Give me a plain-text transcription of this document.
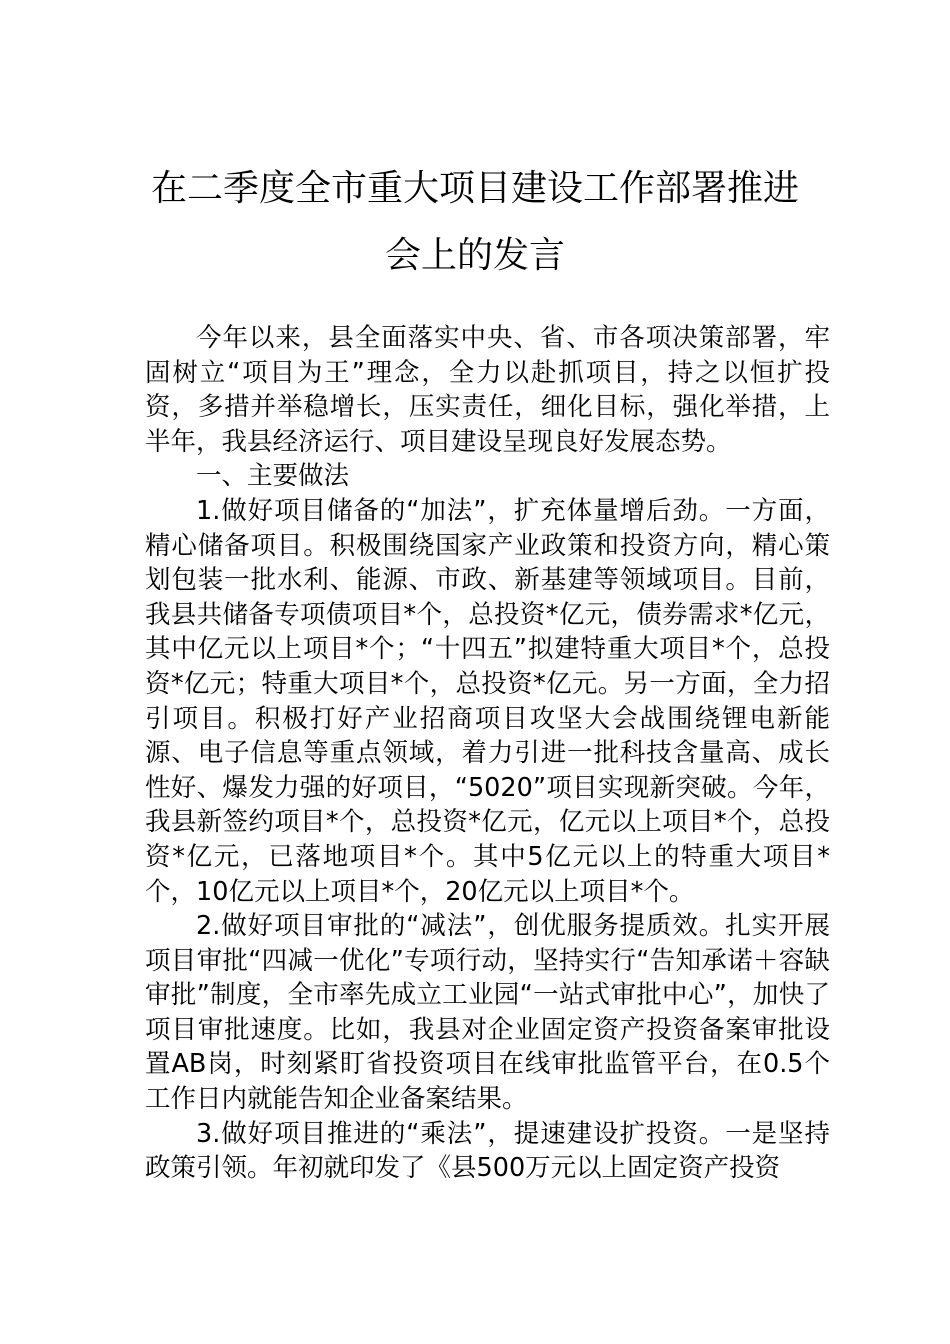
在二季度全市重大项目建设工作部署推进
会上的发言

今年以来，县全面落实中央、省、市各项决策部署，牢固树立“项目为王”理念，全力以赴抓项目，持之以恒扩投资，多措并举稳增长，压实责任，细化目标，强化举措，上半年，我县经济运行、项目建设呈现良好发展态势。

一、主要做法

1.做好项目储备的“加法”，扩充体量增后劲。一方面，精心储备项目。积极围绕国家产业政策和投资方向，精心策划包装一批水利、能源、市政、新基建等领域项目。目前，我县共储备专项债项目*个，总投资*亿元，债券需求*亿元，其中亿元以上项目*个；“十四五”拟建特重大项目*个，总投资*亿元；特重大项目*个，总投资*亿元。另一方面，全力招引项目。积极打好产业招商项目攻坚大会战围绕锂电新能源、电子信息等重点领域，着力引进一批科技含量高、成长性好、爆发力强的好项目，“5020”项目实现新突破。今年，我县新签约项目*个，总投资*亿元，亿元以上项目*个，总投资*亿元，已落地项目*个。其中5亿元以上的特重大项目*个，10亿元以上项目*个，20亿元以上项目*个。

2.做好项目审批的“减法”，创优服务提质效。扎实开展项目审批“四减一优化”专项行动，坚持实行“告知承诺＋容缺审批”制度，全市率先成立工业园“一站式审批中心”，加快了项目审批速度。比如，我县对企业固定资产投资备案审批设置AB岗，时刻紧盯省投资项目在线审批监管平台，在0.5个工作日内就能告知企业备案结果。

3.做好项目推进的“乘法”，提速建设扩投资。一是坚持政策引领。年初就印发了《县500万元以上固定资产投资
